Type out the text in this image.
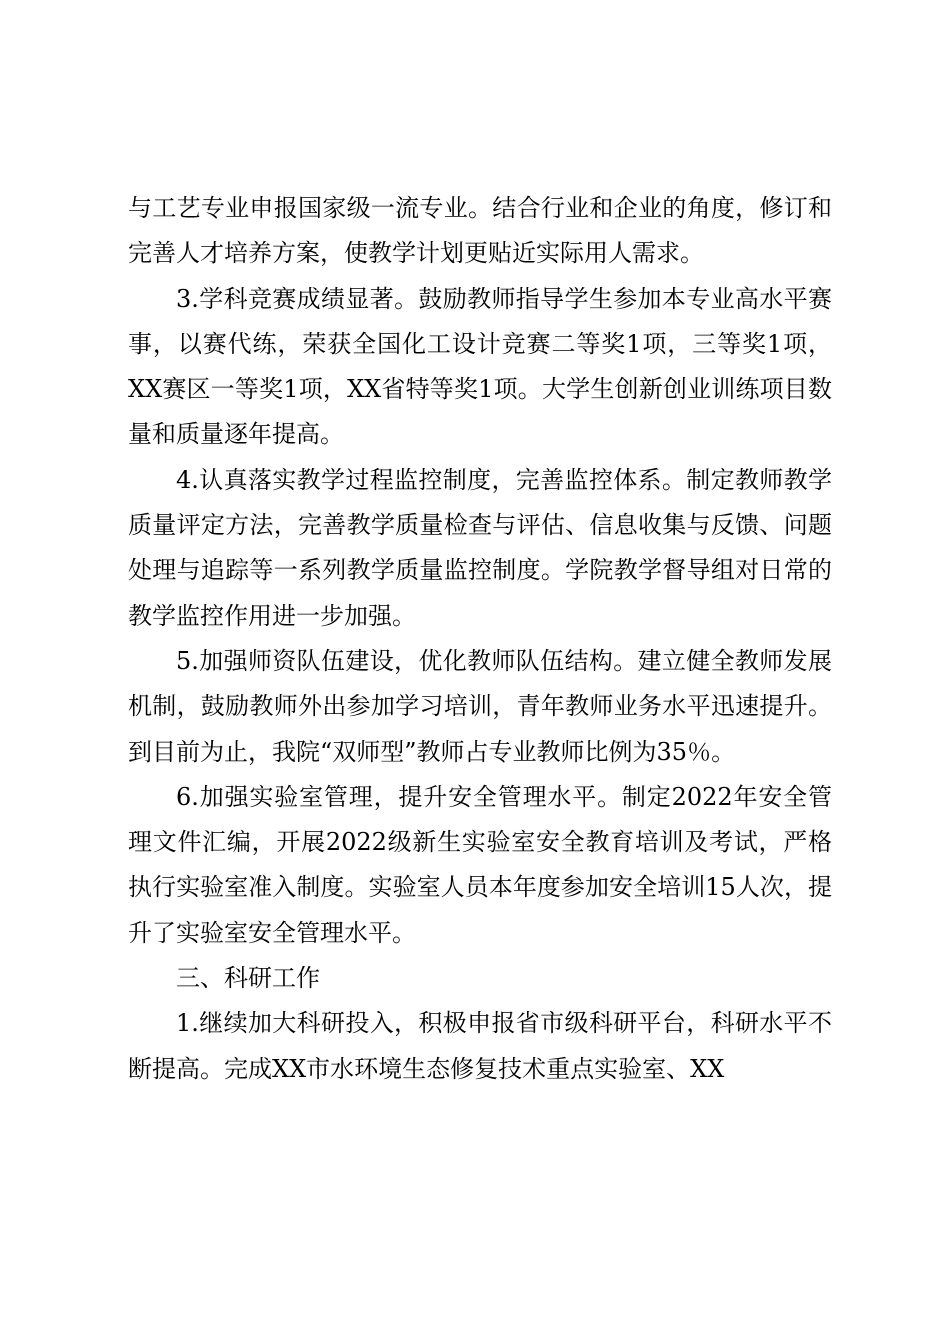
与工艺专业申报国家级一流专业。结合行业和企业的角度，修订和完善人才培养方案，使教学计划更贴近实际用人需求。

3.学科竞赛成绩显著。鼓励教师指导学生参加本专业高水平赛事，以赛代练，荣获全国化工设计竞赛二等奖1项，三等奖1项，XX赛区一等奖1项，XX省特等奖1项。大学生创新创业训练项目数量和质量逐年提高。

4.认真落实教学过程监控制度，完善监控体系。制定教师教学质量评定方法，完善教学质量检查与评估、信息收集与反馈、问题处理与追踪等一系列教学质量监控制度。学院教学督导组对日常的教学监控作用进一步加强。

5.加强师资队伍建设，优化教师队伍结构。建立健全教师发展机制，鼓励教师外出参加学习培训，青年教师业务水平迅速提升。到目前为止，我院“双师型”教师占专业教师比例为35％。

6.加强实验室管理，提升安全管理水平。制定2022年安全管理文件汇编，开展2022级新生实验室安全教育培训及考试，严格执行实验室准入制度。实验室人员本年度参加安全培训15人次，提升了实验室安全管理水平。

三、科研工作

1.继续加大科研投入，积极申报省市级科研平台，科研水平不断提高。完成XX市水环境生态修复技术重点实验室、XX
